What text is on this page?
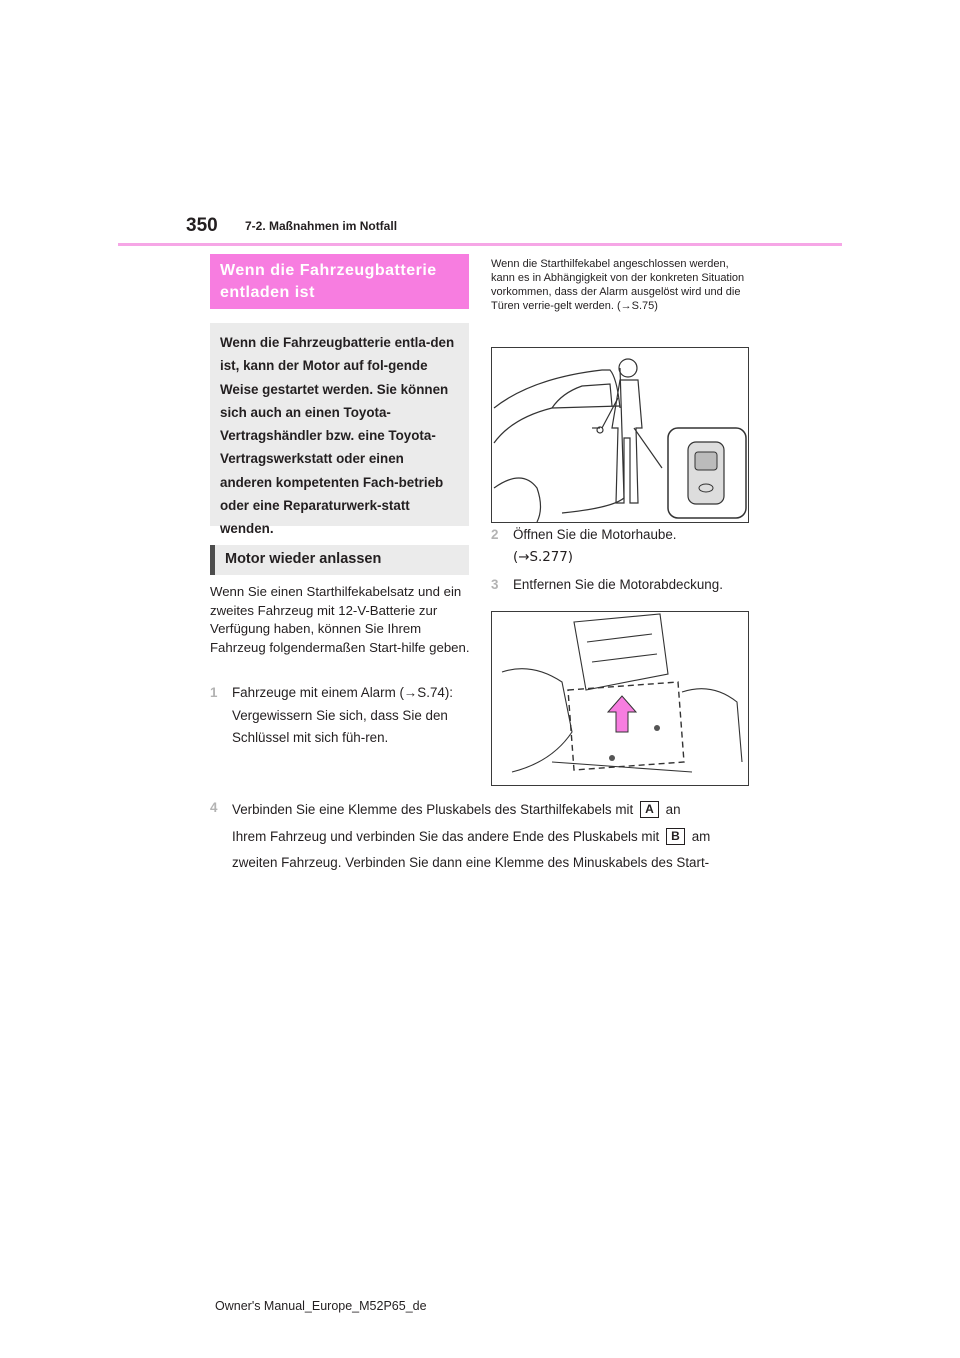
350 7-2. Maßnahmen im Notfall
Wenn die Fahrzeugbatterie entladen ist
Wenn die Fahrzeugbatterie entla-den ist, kann der Motor auf fol-gende Weise gestartet werden. Sie können sich auch an einen Toyota-Vertragshändler bzw. eine Toyota-Vertragswerkstatt oder einen anderen kompetenten Fach-betrieb oder eine Reparaturwerk-statt wenden.
Motor wieder anlassen
Wenn Sie einen Starthilfekabelsatz und ein zweites Fahrzeug mit 12-V-Batterie zur Verfügung haben, können Sie Ihrem Fahrzeug folgendermaßen Start-hilfe geben.
1 Fahrzeuge mit einem Alarm (→S.74): Vergewissern Sie sich, dass Sie den Schlüssel mit sich füh-ren.
Wenn die Starthilfekabel angeschlossen werden, kann es in Abhängigkeit von der konkreten Situation vorkommen, dass der Alarm ausgelöst wird und die Türen verrie-gelt werden. (→S.75)
2 Öffnen Sie die Motorhaube.
(→S.277)
3 Entfernen Sie die Motorabdeckung.
4 Verbinden Sie eine Klemme des Pluskabels des Starthilfekabels mit A an
Ihrem Fahrzeug und verbinden Sie das andere Ende des Pluskabels mit B am
zweiten Fahrzeug. Verbinden Sie dann eine Klemme des Minuskabels des Start-
Owner's Manual_Europe_M52P65_de
